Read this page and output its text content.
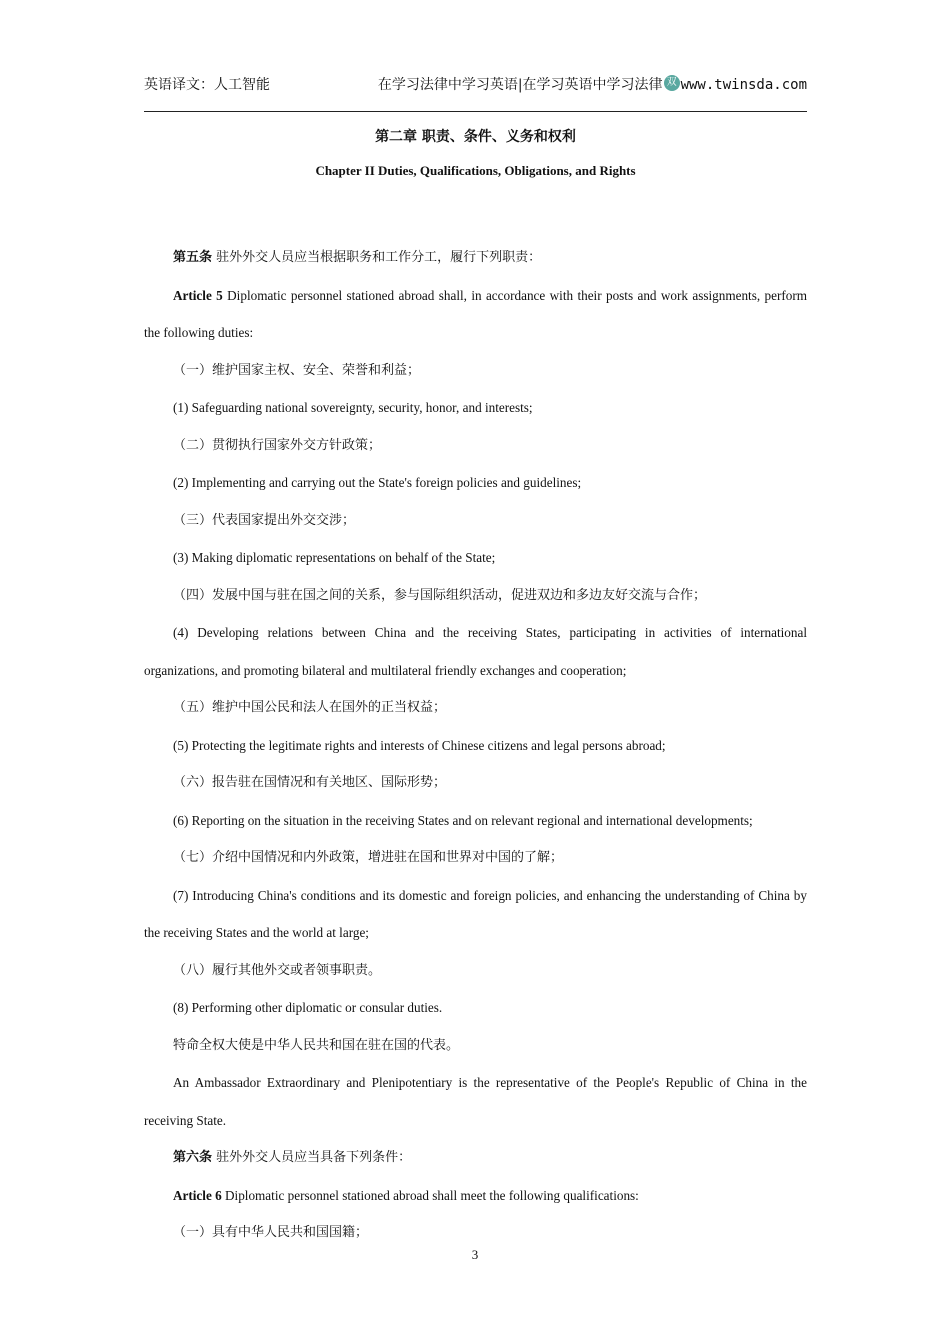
英语译文：人工智能	在学习法律中学习英语|在学习英语中学习法律 双 www.twinsda.com
第二章 职责、条件、义务和权利
Chapter II Duties, Qualifications, Obligations, and Rights

第五条 驻外外交人员应当根据职务和工作分工，履行下列职责：

Article 5 Diplomatic personnel stationed abroad shall, in accordance with their posts and work assignments, perform the following duties:

（一）维护国家主权、安全、荣誉和利益；

(1) Safeguarding national sovereignty, security, honor, and interests;

（二）贯彻执行国家外交方针政策；

(2) Implementing and carrying out the State's foreign policies and guidelines;

（三）代表国家提出外交交涉；

(3) Making diplomatic representations on behalf of the State;

（四）发展中国与驻在国之间的关系，参与国际组织活动，促进双边和多边友好交流与合作；

(4) Developing relations between China and the receiving States, participating in activities of international organizations, and promoting bilateral and multilateral friendly exchanges and cooperation;

（五）维护中国公民和法人在国外的正当权益；

(5) Protecting the legitimate rights and interests of Chinese citizens and legal persons abroad;

（六）报告驻在国情况和有关地区、国际形势；

(6) Reporting on the situation in the receiving States and on relevant regional and international developments;

（七）介绍中国情况和内外政策，增进驻在国和世界对中国的了解；

(7) Introducing China's conditions and its domestic and foreign policies, and enhancing the understanding of China by the receiving States and the world at large;

（八）履行其他外交或者领事职责。

(8) Performing other diplomatic or consular duties.

特命全权大使是中华人民共和国在驻在国的代表。

An Ambassador Extraordinary and Plenipotentiary is the representative of the People's Republic of China in the receiving State.

第六条 驻外外交人员应当具备下列条件：

Article 6 Diplomatic personnel stationed abroad shall meet the following qualifications:

（一）具有中华人民共和国国籍；

3
